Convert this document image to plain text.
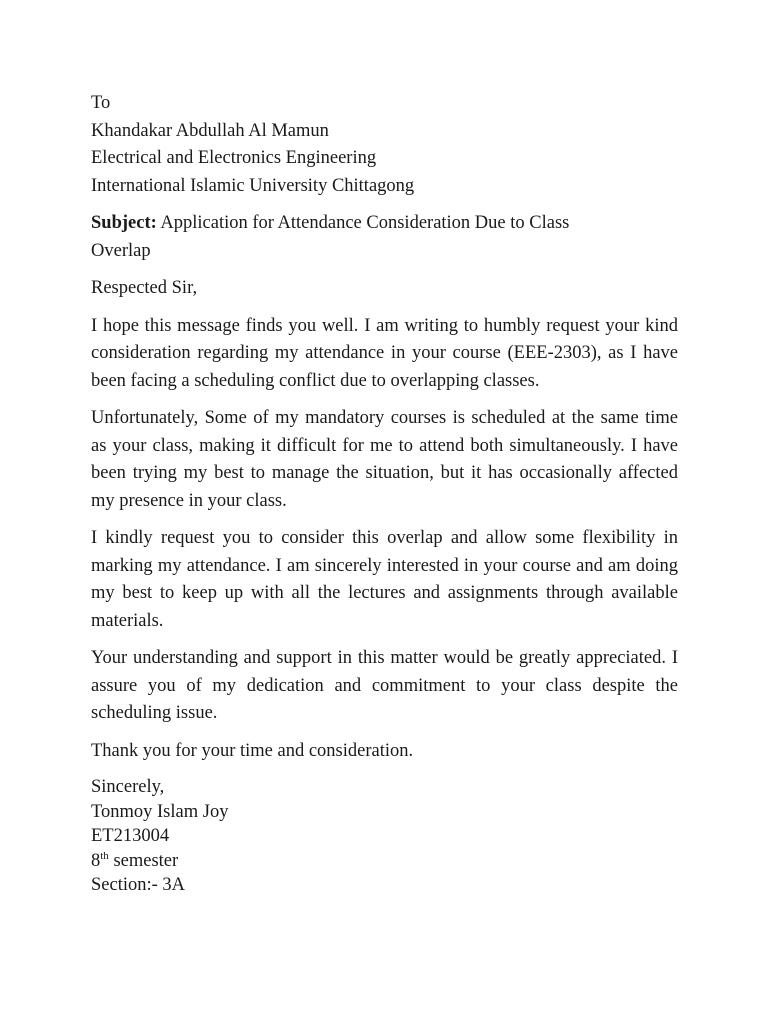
To
Khandakar Abdullah Al Mamun
Electrical and Electronics Engineering
International Islamic University Chittagong
Subject: Application for Attendance Consideration Due to Class
Overlap
Respected Sir,

I hope this message finds you well. I am writing to humbly request your kind consideration regarding my attendance in your course (EEE-2303), as I have been facing a scheduling conflict due to overlapping classes.

Unfortunately, Some of my mandatory courses is scheduled at the same time as your class, making it difficult for me to attend both simultaneously. I have been trying my best to manage the situation, but it has occasionally affected my presence in your class.

I kindly request you to consider this overlap and allow some flexibility in marking my attendance. I am sincerely interested in your course and am doing my best to keep up with all the lectures and assignments through available materials.

Your understanding and support in this matter would be greatly appreciated. I assure you of my dedication and commitment to your class despite the scheduling issue.

Thank you for your time and consideration.

Sincerely,
Tonmoy Islam Joy
ET213004
8th semester
Section:- 3A
